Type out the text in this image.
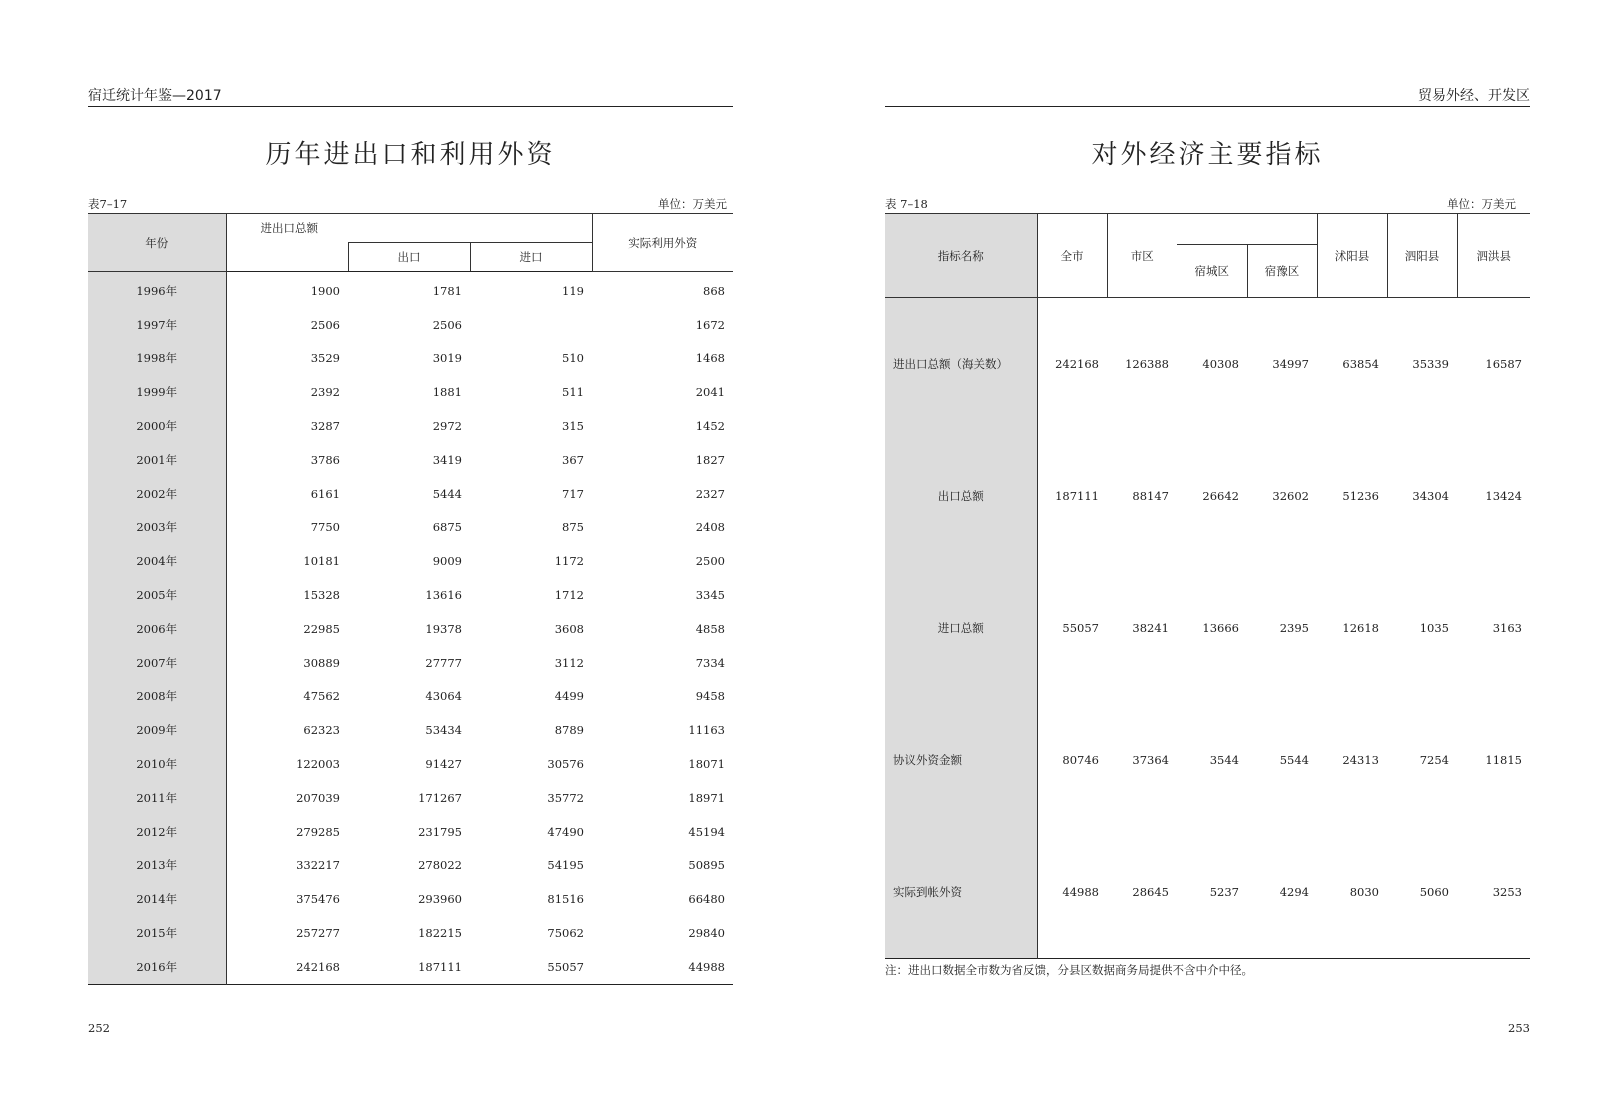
宿迁统计年鉴—2017
历年进出口和利用外资
表7–17	单位：万美元
年份	进出口总额			实际利用外资
		出口	进口	
1996年	1900	1781	119	868
1997年	2506	2506		1672
1998年	3529	3019	510	1468
1999年	2392	1881	511	2041
2000年	3287	2972	315	1452
2001年	3786	3419	367	1827
2002年	6161	5444	717	2327
2003年	7750	6875	875	2408
2004年	10181	9009	1172	2500
2005年	15328	13616	1712	3345
2006年	22985	19378	3608	4858
2007年	30889	27777	3112	7334
2008年	47562	43064	4499	9458
2009年	62323	53434	8789	11163
2010年	122003	91427	30576	18071
2011年	207039	171267	35772	18971
2012年	279285	231795	47490	45194
2013年	332217	278022	54195	50895
2014年	375476	293960	81516	66480
2015年	257277	182215	75062	29840
2016年	242168	187111	55057	44988
252
贸易外经、开发区
对外经济主要指标
表 7–18	单位：万美元
指标名称	全市	市区			沭阳县	泗阳县	泗洪县
			宿城区	宿豫区			
进出口总额（海关数）	242168	126388	40308	34997	63854	35339	16587
出口总额	187111	88147	26642	32602	51236	34304	13424
进口总额	55057	38241	13666	2395	12618	1035	3163
协议外资金额	80746	37364	3544	5544	24313	7254	11815
实际到帐外资	44988	28645	5237	4294	8030	5060	3253
注：进出口数据全市数为省反馈，分县区数据商务局提供不含中介中径。
253
